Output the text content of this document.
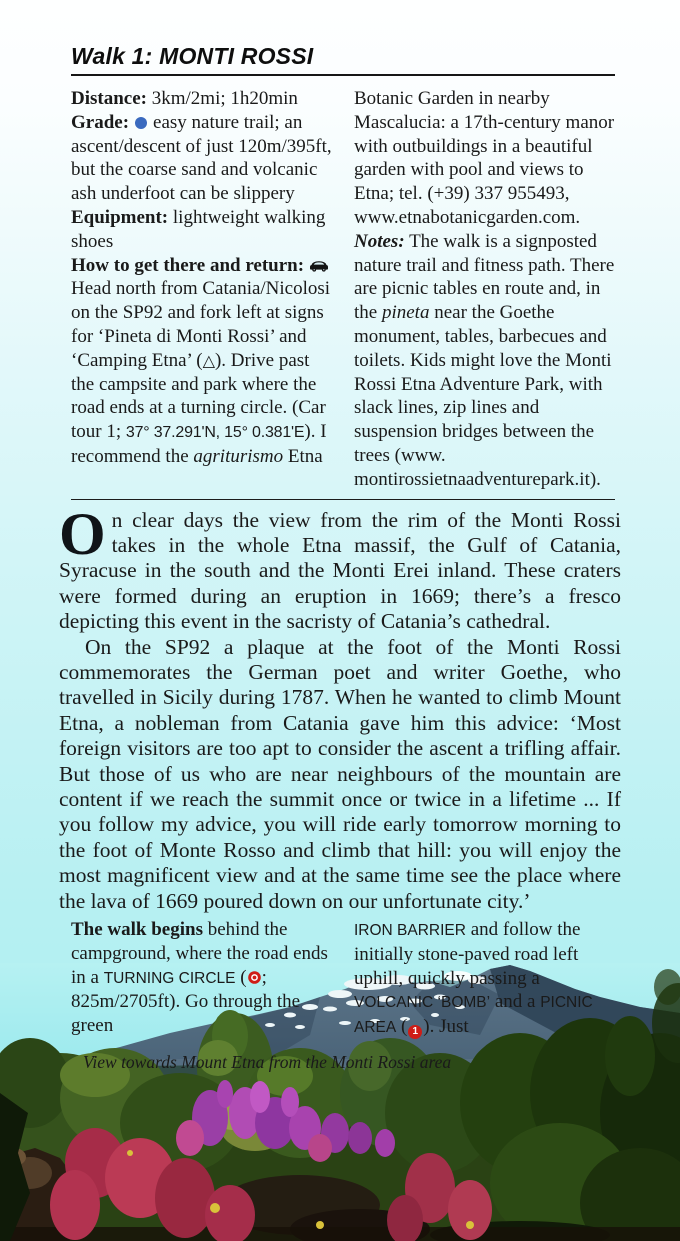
Walk 1: MONTI ROSSI

Distance: 3km/2mi; 1h20min

Grade: easy nature trail; an ascent/descent of just 120m/395ft, but the coarse sand and volcanic ash underfoot can be slippery

Equipment: lightweight walking shoes

How to get there and return: Head north from Catania/Nicolosi on the SP92 and fork left at signs for ‘Pineta di Monti Rossi’ and ‘Camping Etna’ (△). Drive past the campsite and park where the road ends at a turning circle. (Car tour 1; 37° 37.291'N, 15° 0.381'E). I recommend the agriturismo Etna

Botanic Garden in nearby Mascalucia: a 17th-century manor with outbuildings in a beautiful garden with pool and views to Etna; tel. (+39) 337 955493, www.etnabotanicgarden.com.

Notes: The walk is a signposted nature trail and fitness path. There are picnic tables en route and, in the pineta near the Goethe monument, tables, barbecues and toilets. Kids might love the Monti Rossi Etna Adventure Park, with slack lines, zip lines and suspension bridges between the trees (www. montirossietnaadventurepark.it).

On clear days the view from the rim of the Monti Rossi takes in the whole Etna massif, the Gulf of Catania, Syracuse in the south and the Monti Erei inland. These craters were formed during an eruption in 1669; there’s a fresco depicting this event in the sacristy of Catania’s cathedral.

On the SP92 a plaque at the foot of the Monti Rossi commemorates the German poet and writer Goethe, who travelled in Sicily during 1787. When he wanted to climb Mount Etna, a nobleman from Catania gave him this advice: ‘Most foreign visitors are too apt to consider the ascent a trifling affair. But those of us who are near neighbours of the mountain are content if we reach the summit once or twice in a lifetime ... If you follow my advice, you will ride early tomorrow morning to the foot of Monte Rosso and climb that hill: you will enjoy the most magnificent view and at the same time see the place where the lava of 1669 poured down on our unfortunate city.’

The walk begins behind the campground, where the road ends in a TURNING CIRCLE ( ; 825m/2705ft). Go through the green

IRON BARRIER and follow the initially stone-paved road left uphill, quickly passing a VOLCANIC ‘BOMB’ and a PICNIC AREA ( 1 ). Just

View towards Mount Etna from the Monti Rossi area
